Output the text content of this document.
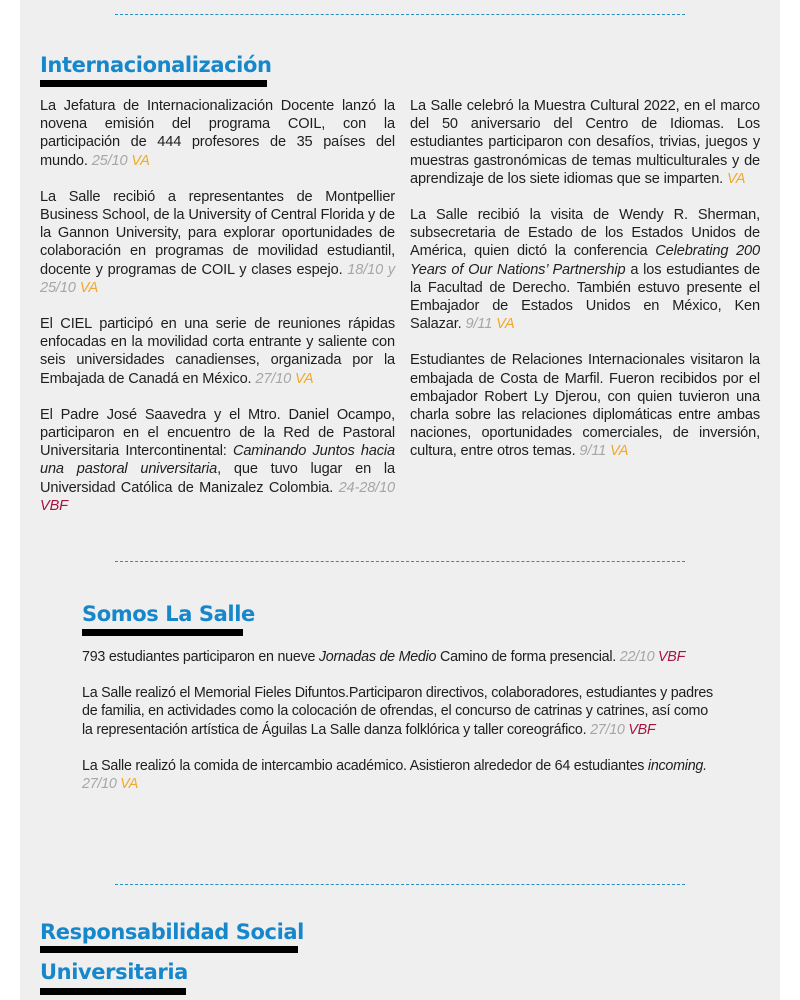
Internacionalización

La Jefatura de Internacionalización Docente lanzó la novena emisión del programa COIL, con la participación de 444 profesores de 35 países del mundo. 25/10 VA

La Salle recibió a representantes de Montpellier Business School, de la University of Central Florida y de la Gannon University, para explorar oportunidades de colaboración en programas de movilidad estudiantil, docente y programas de COIL y clases espejo. 18/10 y 25/10 VA

El CIEL participó en una serie de reuniones rápidas enfocadas en la movilidad corta entrante y saliente con seis universidades canadienses, organizada por la Embajada de Canadá en México. 27/10 VA

El Padre José Saavedra y el Mtro. Daniel Ocampo, participaron en el encuentro de la Red de Pastoral Universitaria Intercontinental: Caminando Juntos hacia una pastoral universitaria, que tuvo lugar en la Universidad Católica de Manizalez Colombia. 24-28/10 VBF

La Salle celebró la Muestra Cultural 2022, en el marco del 50 aniversario del Centro de Idiomas. Los estudiantes participaron con desafíos, trivias, juegos y muestras gastronómicas de temas multiculturales y de aprendizaje de los siete idiomas que se imparten. VA

La Salle recibió la visita de Wendy R. Sherman, subsecretaria de Estado de los Estados Unidos de América, quien dictó la conferencia Celebrating 200 Years of Our Nations’ Partnership a los estudiantes de la Facultad de Derecho. También estuvo presente el Embajador de Estados Unidos en México, Ken Salazar. 9/11 VA

Estudiantes de Relaciones Internacionales visitaron la embajada de Costa de Marfil. Fueron recibidos por el embajador Robert Ly Djerou, con quien tuvieron una charla sobre las relaciones diplomáticas entre ambas naciones, oportunidades comerciales, de inversión, cultura, entre otros temas. 9/11 VA

Somos La Salle

793 estudiantes participaron en nueve Jornadas de Medio Camino de forma presencial. 22/10 VBF

La Salle realizó el Memorial Fieles Difuntos.Participaron directivos, colaboradores, estudiantes y padres de familia, en actividades como la colocación de ofrendas, el concurso de catrinas y catrines, así como la representación artística de Águilas La Salle danza folklórica y taller coreográfico. 27/10 VBF

La Salle realizó la comida de intercambio académico. Asistieron alrededor de 64 estudiantes incoming. 27/10 VA

Responsabilidad Social
Universitaria
